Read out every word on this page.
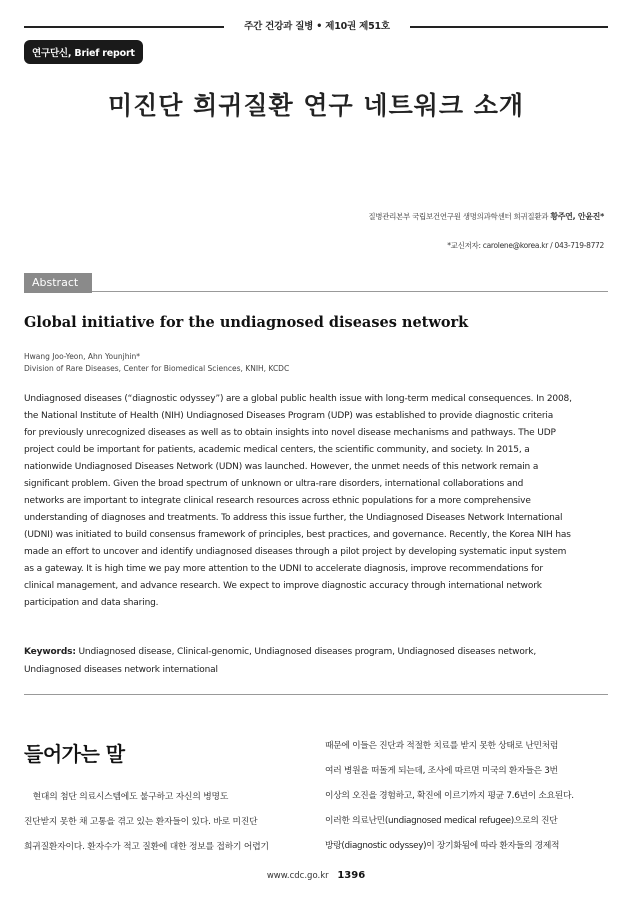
주간 건강과 질병 • 제10권 제51호
연구단신, Brief report
미진단 희귀질환 연구 네트워크 소개
질병관리본부 국립보건연구원 생명의과학센터 희귀질환과 황주연, 안윤진*
*교신저자: carolene@korea.kr / 043-719-8772
Abstract
Global initiative for the undiagnosed diseases network
Hwang Joo-Yeon, Ahn Younjhin*
Division of Rare Diseases, Center for Biomedical Sciences, KNIH, KCDC
Undiagnosed diseases (“diagnostic odyssey”) are a global public health issue with long-term medical consequences. In 2008,
the National Institute of Health (NIH) Undiagnosed Diseases Program (UDP) was established to provide diagnostic criteria
for previously unrecognized diseases as well as to obtain insights into novel disease mechanisms and pathways. The UDP
project could be important for patients, academic medical centers, the scientific community, and society. In 2015, a
nationwide Undiagnosed Diseases Network (UDN) was launched. However, the unmet needs of this network remain a
significant problem. Given the broad spectrum of unknown or ultra-rare disorders, international collaborations and
networks are important to integrate clinical research resources across ethnic populations for a more comprehensive
understanding of diagnoses and treatments. To address this issue further, the Undiagnosed Diseases Network International
(UDNI) was initiated to build consensus framework of principles, best practices, and governance. Recently, the Korea NIH has
made an effort to uncover and identify undiagnosed diseases through a pilot project by developing systematic input system
as a gateway. It is high time we pay more attention to the UDNI to accelerate diagnosis, improve recommendations for
clinical management, and advance research. We expect to improve diagnostic accuracy through international network
participation and data sharing.
Keywords: Undiagnosed disease, Clinical-genomic, Undiagnosed diseases program, Undiagnosed diseases network,
Undiagnosed diseases network international
들어가는 말
　현대의 첨단 의료시스템에도 불구하고 자신의 병명도
진단받지 못한 채 고통을 겪고 있는 환자들이 있다. 바로 미진단
희귀질환자이다. 환자수가 적고 질환에 대한 정보를 접하기 어렵기
때문에 이들은 진단과 적절한 치료를 받지 못한 상태로 난민처럼
여러 병원을 떠돌게 되는데, 조사에 따르면 미국의 환자들은 3번
이상의 오진을 경험하고, 확진에 이르기까지 평균 7.6년이 소요된다.
이러한 의료난민(undiagnosed medical refugee)으로의 진단
방랑(diagnostic odyssey)이 장기화됨에 따라 환자들의 경제적
www.cdc.go.kr 1396
